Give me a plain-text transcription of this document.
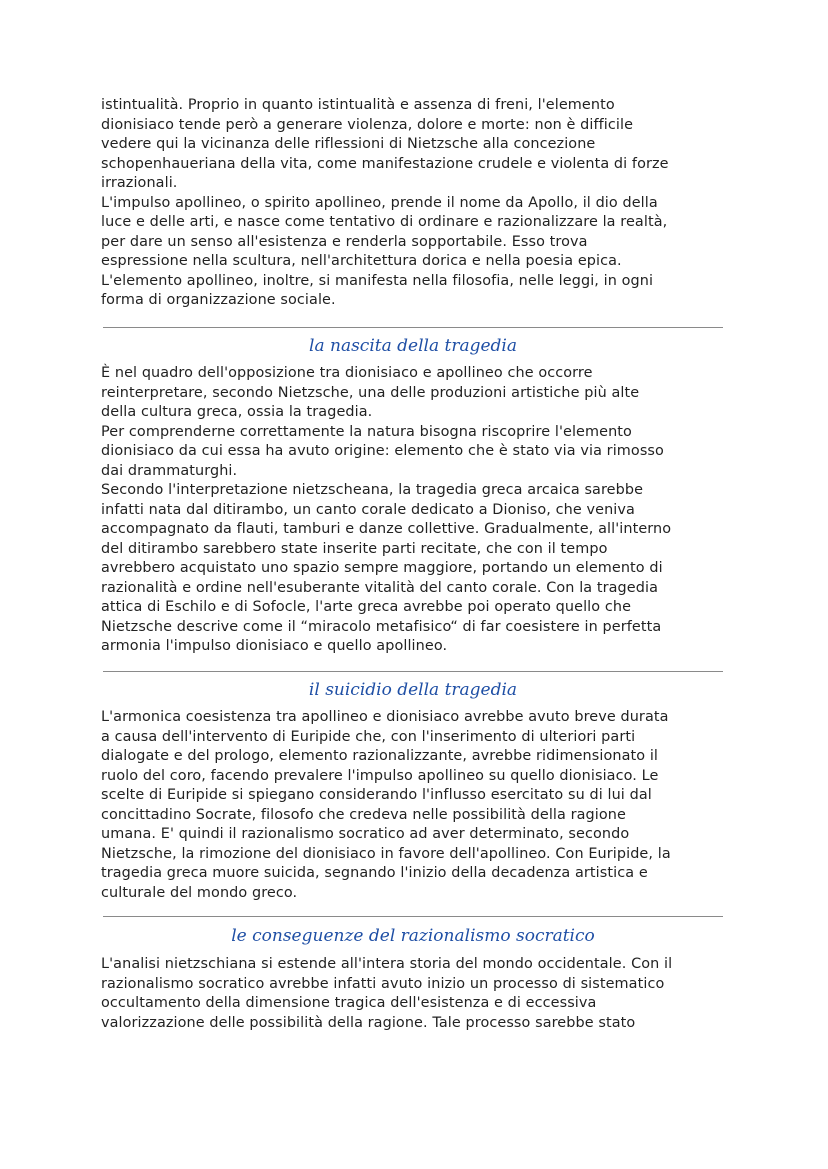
istintualità. Proprio in quanto istintualità e assenza di freni, l'elemento
dionisiaco tende però a generare violenza, dolore e morte: non è difficile
vedere qui la vicinanza delle riflessioni di Nietzsche alla concezione
schopenhaueriana della vita, come manifestazione crudele e violenta di forze
irrazionali.
L'impulso apollineo, o spirito apollineo, prende il nome da Apollo, il dio della
luce e delle arti, e nasce come tentativo di ordinare e razionalizzare la realtà,
per dare un senso all'esistenza e renderla sopportabile. Esso trova
espressione nella scultura, nell'architettura dorica e nella poesia epica.
L'elemento apollineo, inoltre, si manifesta nella filosofia, nelle leggi, in ogni
forma di organizzazione sociale.
la nascita della tragedia
È nel quadro dell'opposizione tra dionisiaco e apollineo che occorre
reinterpretare, secondo Nietzsche, una delle produzioni artistiche più alte
della cultura greca, ossia la tragedia.
Per comprenderne correttamente la natura bisogna riscoprire l'elemento
dionisiaco da cui essa ha avuto origine: elemento che è stato via via rimosso
dai drammaturghi.
Secondo l'interpretazione nietzscheana, la tragedia greca arcaica sarebbe
infatti nata dal ditirambo, un canto corale dedicato a Dioniso, che veniva
accompagnato da flauti, tamburi e danze collettive. Gradualmente, all'interno
del ditirambo sarebbero state inserite parti recitate, che con il tempo
avrebbero acquistato uno spazio sempre maggiore, portando un elemento di
razionalità e ordine nell'esuberante vitalità del canto corale. Con la tragedia
attica di Eschilo e di Sofocle, l'arte greca avrebbe poi operato quello che
Nietzsche descrive come il “miracolo metafisico“ di far coesistere in perfetta
armonia l'impulso dionisiaco e quello apollineo.
il suicidio della tragedia
L'armonica coesistenza tra apollineo e dionisiaco avrebbe avuto breve durata
a causa dell'intervento di Euripide che, con l'inserimento di ulteriori parti
dialogate e del prologo, elemento razionalizzante, avrebbe ridimensionato il
ruolo del coro, facendo prevalere l'impulso apollineo su quello dionisiaco. Le
scelte di Euripide si spiegano considerando l'influsso esercitato su di lui dal
concittadino Socrate, filosofo che credeva nelle possibilità della ragione
umana. E' quindi il razionalismo socratico ad aver determinato, secondo
Nietzsche, la rimozione del dionisiaco in favore dell'apollineo. Con Euripide, la
tragedia greca muore suicida, segnando l'inizio della decadenza artistica e
culturale del mondo greco.
le conseguenze del razionalismo socratico
L'analisi nietzschiana si estende all'intera storia del mondo occidentale. Con il
razionalismo socratico avrebbe infatti avuto inizio un processo di sistematico
occultamento della dimensione tragica dell'esistenza e di eccessiva
valorizzazione delle possibilità della ragione. Tale processo sarebbe stato
